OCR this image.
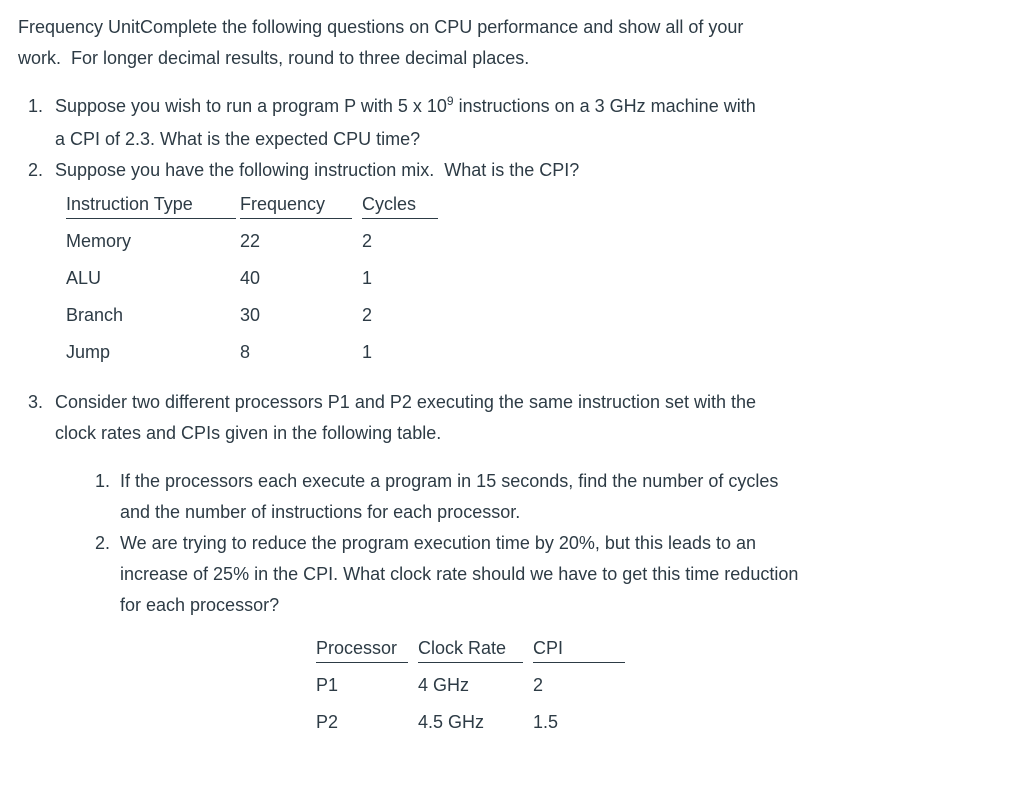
Frequency UnitComplete the following questions on CPU performance and show all of your
work.  For longer decimal results, round to three decimal places.
1. Suppose you wish to run a program P with 5 x $10^9$ instructions on a 3 GHz machine with
a CPI of 2.3. What is the expected CPU time?
2. Suppose you have the following instruction mix.  What is the CPI?
Instruction Type	Frequency	Cycles
Memory	22	2
ALU	40	1
Branch	30	2
Jump	8	1
3. Consider two different processors P1 and P2 executing the same instruction set with the
clock rates and CPIs given in the following table.
1. If the processors each execute a program in 15 seconds, find the number of cycles
and the number of instructions for each processor.
2. We are trying to reduce the program execution time by 20%, but this leads to an
increase of 25% in the CPI. What clock rate should we have to get this time reduction
for each processor?
Processor	Clock Rate	CPI
P1	4 GHz	2
P2	4.5 GHz	1.5
